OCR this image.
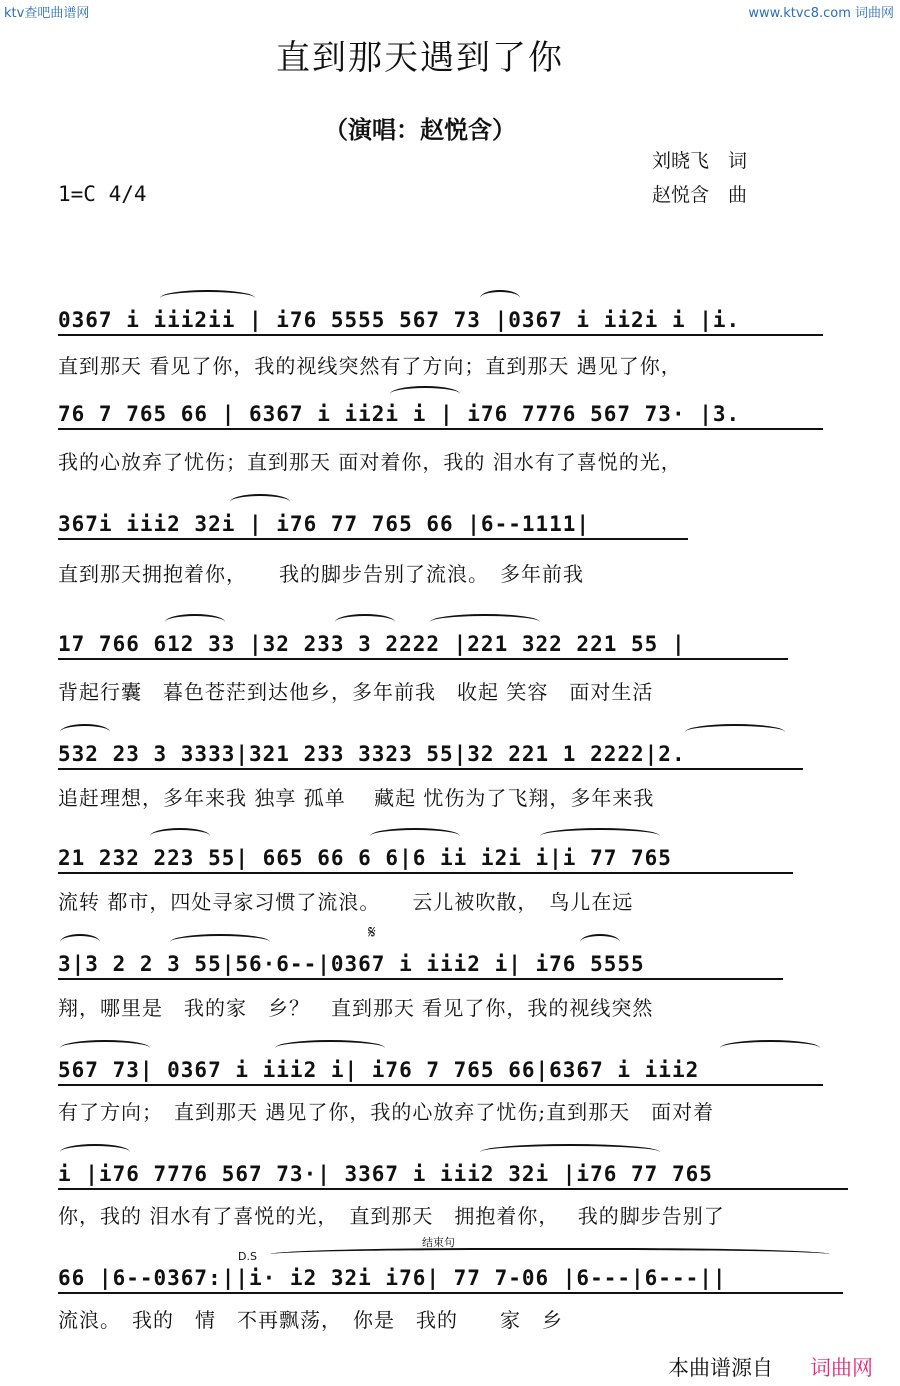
ktv查吧曲谱网	www.ktvc8.com 词曲网
直到那天遇到了你
（演唱：赵悦含）
刘晓飞　词
赵悦含　曲
1=C 4/4
0367 i iii2ii | i76 5555 567 73 |0367 i ii2i i |i.
直到那天 看见了你，我的视线突然有了方向；直到那天 遇见了你，
76 7 765 66 | 6367 i ii2i i | i76 7776 567 73· |3.
我的心放弃了忧伤；直到那天 面对着你，我的 泪水有了喜悦的光，
367i iii2 32i | i76 77 765 66 |6--1111|
直到那天拥抱着你，　　我的脚步告别了流浪。　多年前我
17 766 612 33 |32 233 3 2222 |221 322 221 55 |
背起行囊　暮色苍茫到达他乡，多年前我　收起 笑容　面对生活
532 23 3 3333|321 233 3323 55|32 221 1 2222|2.
追赶理想，多年来我 独享 孤单　 藏起 忧伤为了飞翔，多年来我
21 232 223 55| 665 66 6 6|6 ii i2i i|i 77 765
流转 都市，四处寻家习惯了流浪。　　云儿被吹散，　鸟儿在远
𝄋
3|3 2 2 3 55|56·6--|0367 i iii2 i| i76 5555
翔，哪里是　我的家　乡？　直到那天 看见了你，我的视线突然
567 73| 0367 i iii2 i| i76 7 765 66|6367 i iii2
有了方向；　直到那天 遇见了你，我的心放弃了忧伤;直到那天　面对着
i |i76 7776 567 73·| 3367 i iii2 32i |i76 77 765
你，我的 泪水有了喜悦的光，　直到那天　拥抱着你，　 我的脚步告别了
D.S
结束句
66 |6--0367:||i· i2 32i i76| 77 7-06 |6---|6---||
流浪。　我的　情　不再飘荡，　你是　我的　　家　乡
本曲谱源自 词曲网
